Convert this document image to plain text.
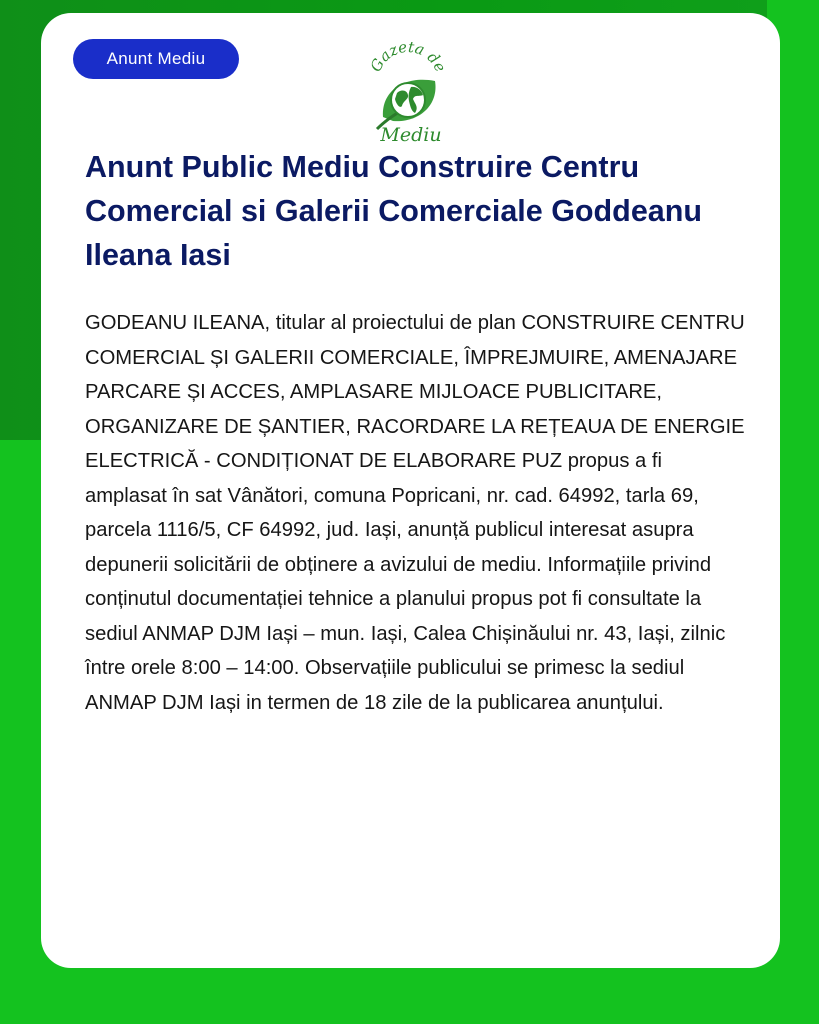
Anunt Mediu	Gazeta de
Mediu
Anunt Public Mediu Construire Centru Comercial si Galerii Comerciale Goddeanu Ileana Iasi

GODEANU ILEANA, titular al proiectului de plan CONSTRUIRE CENTRU COMERCIAL ȘI GALERII COMERCIALE, ÎMPREJMUIRE, AMENAJARE PARCARE ȘI ACCES, AMPLASARE MIJLOACE PUBLICITARE, ORGANIZARE DE ȘANTIER, RACORDARE LA REȚEAUA DE ENERGIE ELECTRICĂ - CONDIȚIONAT DE ELABORARE PUZ propus a fi amplasat în sat Vânători, comuna Popricani, nr. cad. 64992, tarla 69, parcela 1116/5, CF 64992, jud. Iași, anunță publicul interesat asupra depunerii solicitării de obținere a avizului de mediu. Informațiile privind conținutul documentației tehnice a planului propus pot fi consultate la sediul ANMAP DJM Iași – mun. Iași, Calea Chișinăului nr. 43, Iași, zilnic între orele 8:00 – 14:00. Observațiile publicului se primesc la sediul ANMAP DJM Iași in termen de 18 zile de la publicarea anunțului.
